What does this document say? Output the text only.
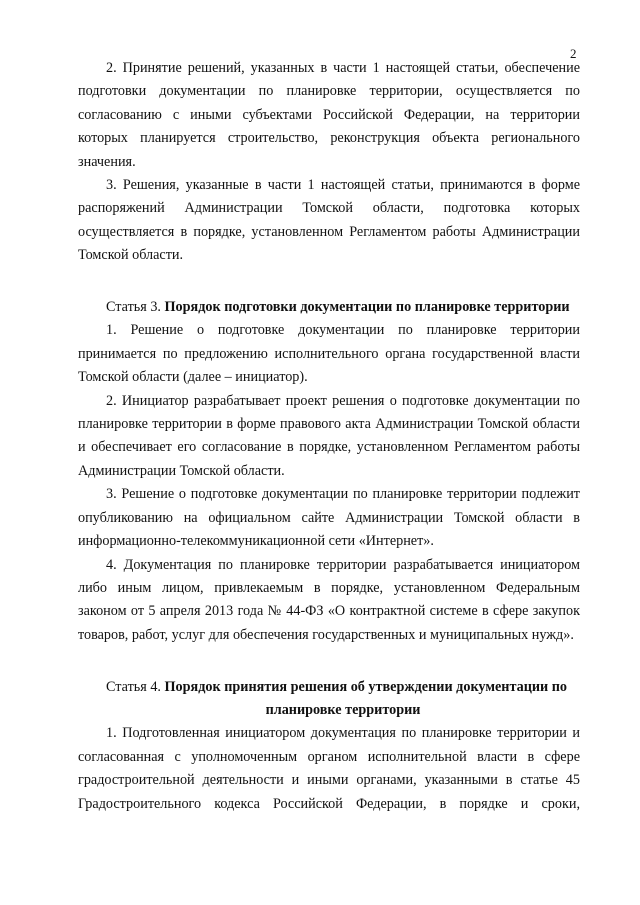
2

2. Принятие решений, указанных в части 1 настоящей статьи, обеспечение подготовки документации по планировке территории, осуществляется по согласованию с иными субъектами Российской Федерации, на территории которых планируется строительство, реконструкция объекта регионального значения.

3. Решения, указанные в части 1 настоящей статьи, принимаются в форме распоряжений Администрации Томской области, подготовка которых осуществляется в порядке, установленном Регламентом работы Администрации Томской области.

Статья 3. Порядок подготовки документации по планировке территории

1. Решение о подготовке документации по планировке территории принимается по предложению исполнительного органа государственной власти Томской области (далее – инициатор).

2. Инициатор разрабатывает проект решения о подготовке документации по планировке территории в форме правового акта Администрации Томской области и обеспечивает его согласование в порядке, установленном Регламентом работы Администрации Томской области.

3. Решение о подготовке документации по планировке территории подлежит опубликованию на официальном сайте Администрации Томской области в информационно-телекоммуникационной сети «Интернет».

4. Документация по планировке территории разрабатывается инициатором либо иным лицом, привлекаемым в порядке, установленном Федеральным законом от 5 апреля 2013 года № 44-ФЗ «О контрактной системе в сфере закупок товаров, работ, услуг для обеспечения государственных и муниципальных нужд».

Статья 4. Порядок принятия решения об утверждении документации по

планировке территории

1. Подготовленная инициатором документация по планировке территории и согласованная с уполномоченным органом исполнительной власти в сфере градостроительной деятельности и иными органами, указанными в статье 45 Градостроительного кодекса Российской Федерации, в порядке и сроки,
